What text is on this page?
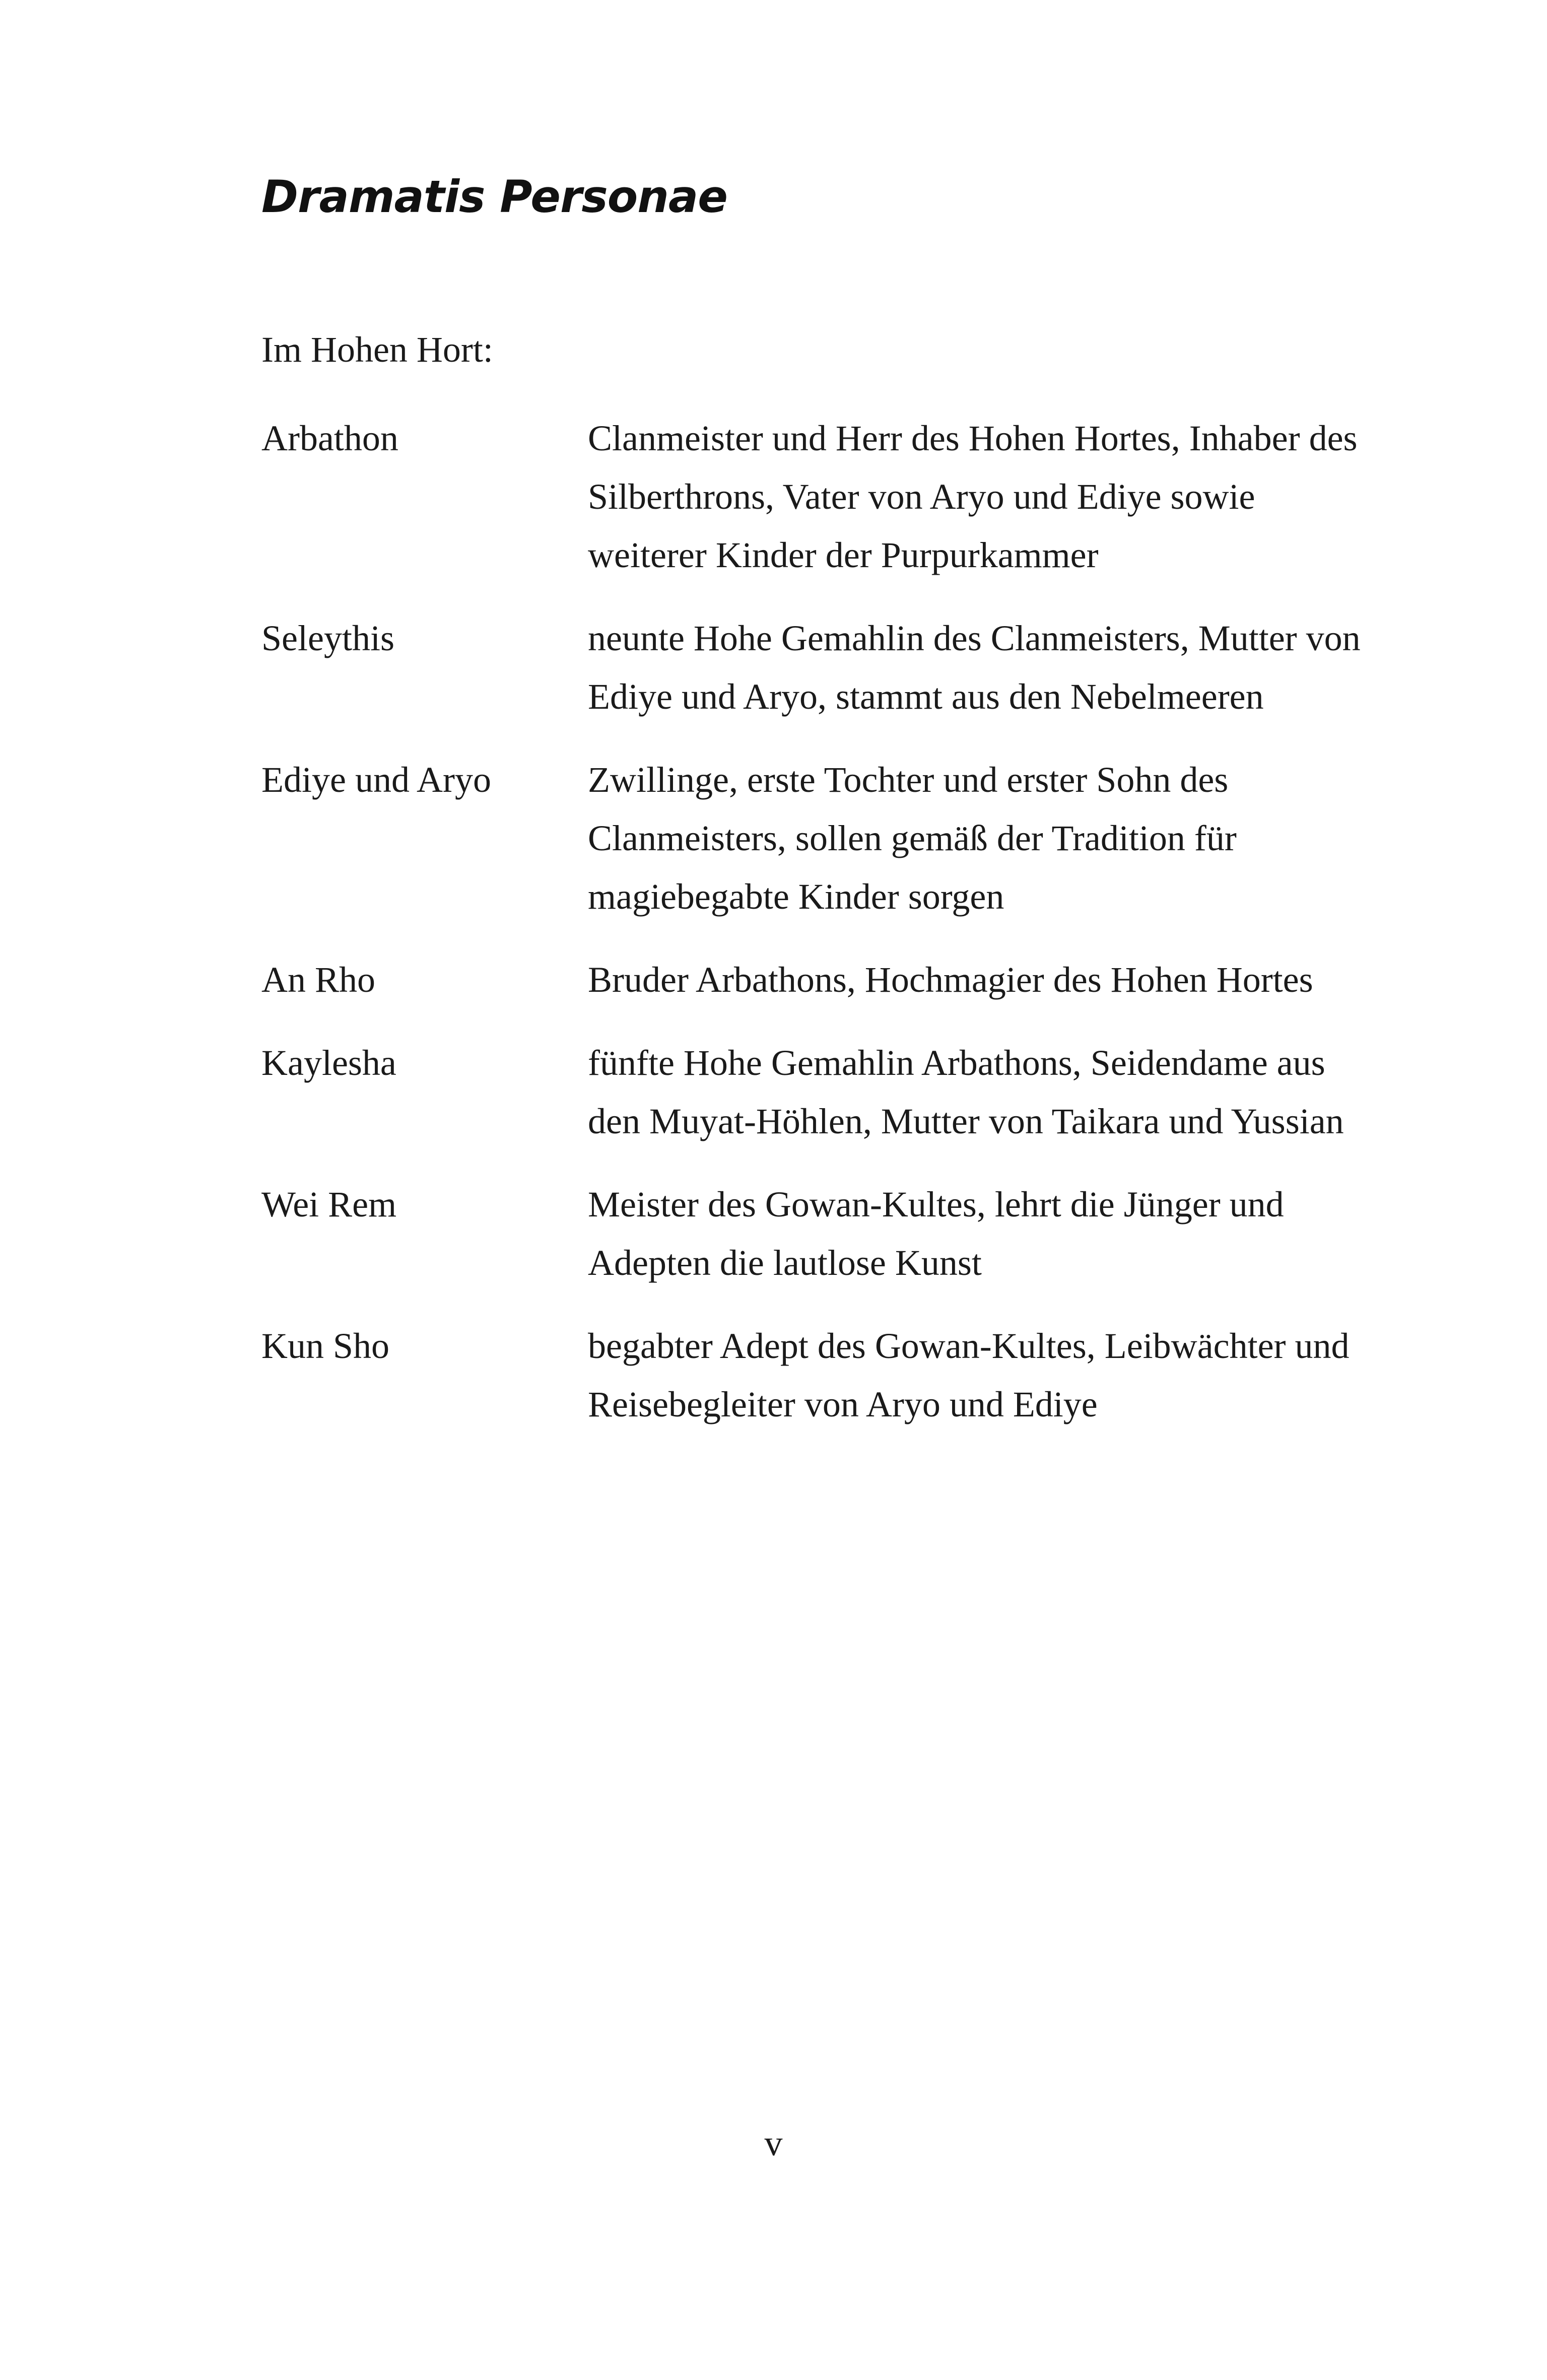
Dramatis Personae

Im Hohen Hort:

Arbathon	Clanmeister und Herr des Hohen Hortes, Inhaber des Silberthrons, Vater von Aryo und Ediye sowie weiterer Kinder der Purpurkammer
Seleythis	neunte Hohe Gemahlin des Clanmeisters, Mutter von Ediye und Aryo, stammt aus den Nebelmeeren
Ediye und Aryo	Zwillinge, erste Tochter und erster Sohn des Clanmeisters, sollen gemäß der Tradition für magiebegabte Kinder sorgen
An Rho	Bruder Arbathons, Hochmagier des Hohen Hortes
Kaylesha	fünfte Hohe Gemahlin Arbathons, Seidendame aus den Muyat-Höhlen, Mutter von Taikara und Yussian
Wei Rem	Meister des Gowan-Kultes, lehrt die Jünger und Adepten die lautlose Kunst
Kun Sho	begabter Adept des Gowan-Kultes, Leibwächter und Reisebegleiter von Aryo und Ediye

v
